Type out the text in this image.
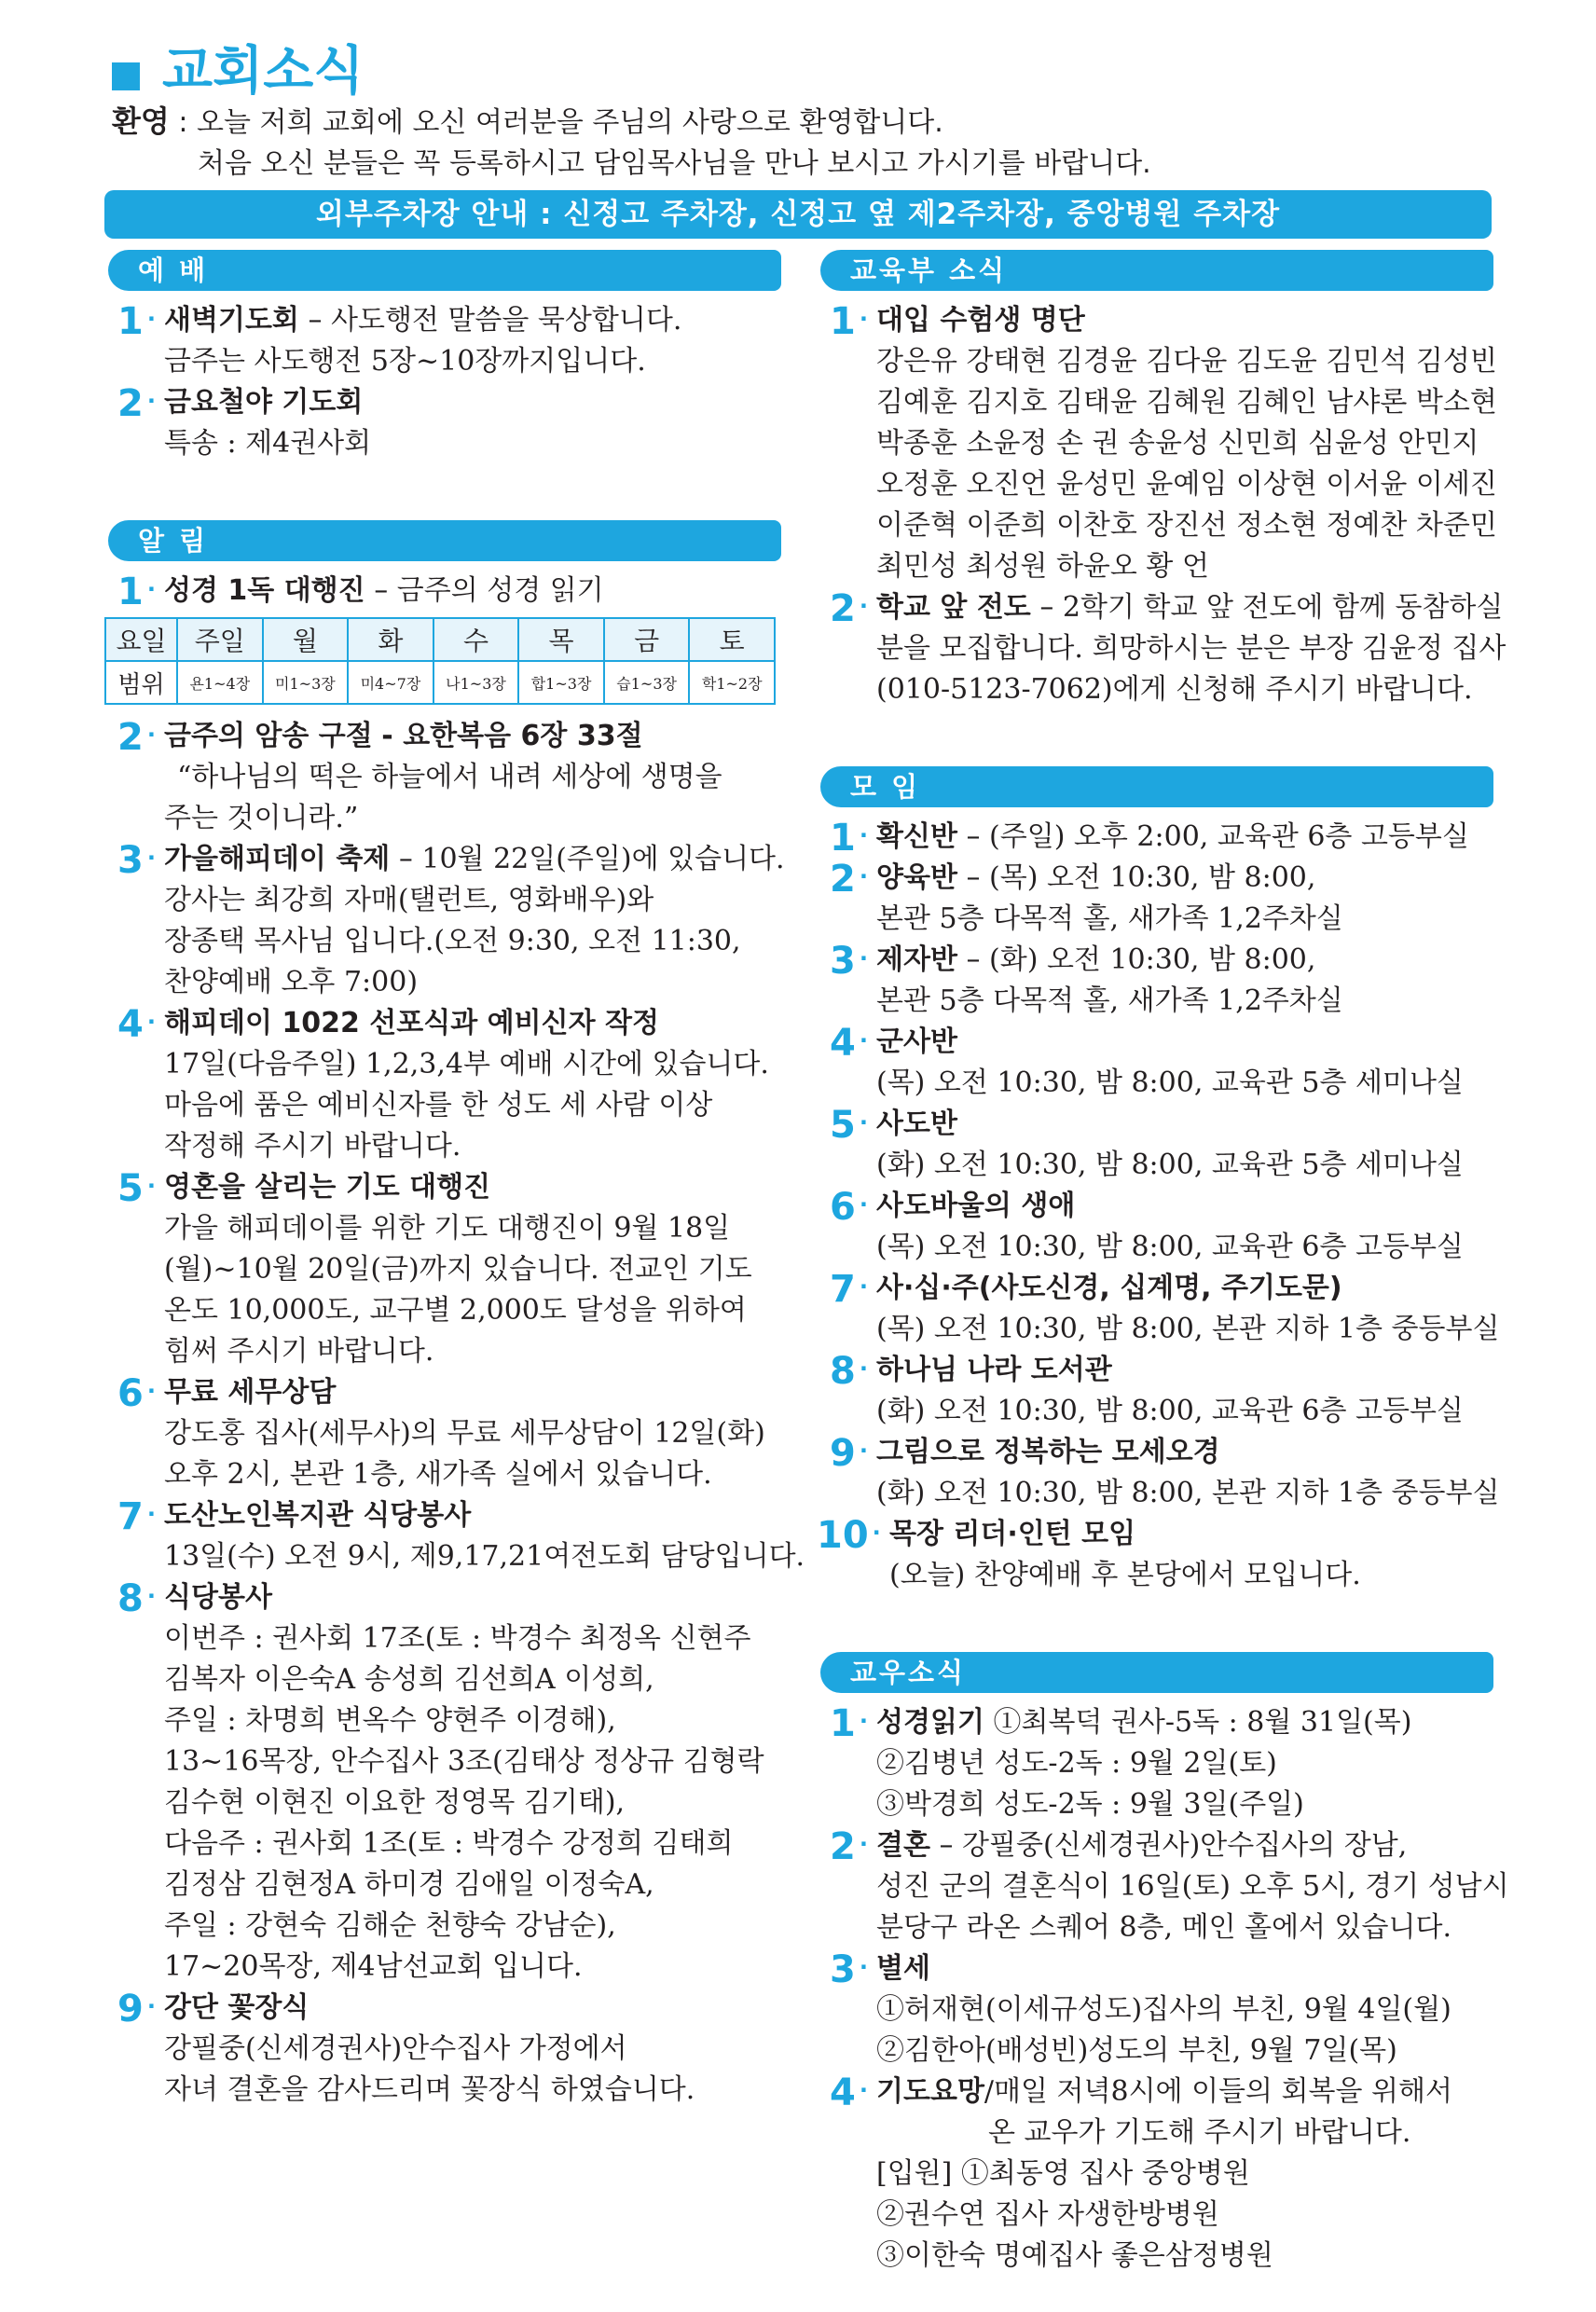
교회소식
환영 : 오늘 저희 교회에 오신 여러분을 주님의 사랑으로 환영합니다.
처음 오신 분들은 꼭 등록하시고 담임목사님을 만나 보시고 가시기를 바랍니다.
외부주차장 안내 : 신정고 주차장, 신정고 옆 제2주차장, 중앙병원 주차장
예 배
1 · 새벽기도회 – 사도행전 말씀을 묵상합니다.
금주는 사도행전 5장~10장까지입니다.
2 · 금요철야 기도회
특송 : 제4권사회
알 림
1 · 성경 1독 대행진 – 금주의 성경 읽기
요일	주일	월	화	수	목	금	토
범위	욘1~4장	미1~3장	미4~7장	나1~3장	합1~3장	습1~3장	학1~2장
2 · 금주의 암송 구절 - 요한복음 6장 33절
“하나님의 떡은 하늘에서 내려 세상에 생명을
주는 것이니라.”
3 · 가을해피데이 축제 – 10월 22일(주일)에 있습니다.
강사는 최강희 자매(탤런트, 영화배우)와
장종택 목사님 입니다.(오전 9:30, 오전 11:30,
찬양예배 오후 7:00)
4 · 해피데이 1022 선포식과 예비신자 작정
17일(다음주일) 1,2,3,4부 예배 시간에 있습니다.
마음에 품은 예비신자를 한 성도 세 사람 이상
작정해 주시기 바랍니다.
5 · 영혼을 살리는 기도 대행진
가을 해피데이를 위한 기도 대행진이 9월 18일
(월)~10월 20일(금)까지 있습니다. 전교인 기도
온도 10,000도, 교구별 2,000도 달성을 위하여
힘써 주시기 바랍니다.
6 · 무료 세무상담
강도홍 집사(세무사)의 무료 세무상담이 12일(화)
오후 2시, 본관 1층, 새가족 실에서 있습니다.
7 · 도산노인복지관 식당봉사
13일(수) 오전 9시, 제9,17,21여전도회 담당입니다.
8 · 식당봉사
이번주 : 권사회 17조(토 : 박경수 최정옥 신현주
김복자 이은숙A 송성희 김선희A 이성희,
주일 : 차명희 변옥수 양현주 이경해),
13~16목장, 안수집사 3조(김태상 정상규 김형락
김수현 이현진 이요한 정영목 김기태),
다음주 : 권사회 1조(토 : 박경수 강정희 김태희
김정삼 김현정A 하미경 김애일 이정숙A,
주일 : 강현숙 김해순 천향숙 강남순),
17~20목장, 제4남선교회 입니다.
9 · 강단 꽃장식
강필중(신세경권사)안수집사 가정에서
자녀 결혼을 감사드리며 꽃장식 하였습니다.
교육부 소식
1 · 대입 수험생 명단
강은유 강태현 김경윤 김다윤 김도윤 김민석 김성빈
김예훈 김지호 김태윤 김혜원 김혜인 남샤론 박소현
박종훈 소윤정 손 권 송윤성 신민희 심윤성 안민지
오정훈 오진언 윤성민 윤예임 이상현 이서윤 이세진
이준혁 이준희 이찬호 장진선 정소현 정예찬 차준민
최민성 최성원 하윤오 황 언
2 · 학교 앞 전도 – 2학기 학교 앞 전도에 함께 동참하실
분을 모집합니다. 희망하시는 분은 부장 김윤정 집사
(010-5123-7062)에게 신청해 주시기 바랍니다.
모 임
1 · 확신반 – (주일) 오후 2:00, 교육관 6층 고등부실
2 · 양육반 – (목) 오전 10:30, 밤 8:00,
본관 5층 다목적 홀, 새가족 1,2주차실
3 · 제자반 – (화) 오전 10:30, 밤 8:00,
본관 5층 다목적 홀, 새가족 1,2주차실
4 · 군사반
(목) 오전 10:30, 밤 8:00, 교육관 5층 세미나실
5 · 사도반
(화) 오전 10:30, 밤 8:00, 교육관 5층 세미나실
6 · 사도바울의 생애
(목) 오전 10:30, 밤 8:00, 교육관 6층 고등부실
7 · 사·십·주(사도신경, 십계명, 주기도문)
(목) 오전 10:30, 밤 8:00, 본관 지하 1층 중등부실
8 · 하나님 나라 도서관
(화) 오전 10:30, 밤 8:00, 교육관 6층 고등부실
9 · 그림으로 정복하는 모세오경
(화) 오전 10:30, 밤 8:00, 본관 지하 1층 중등부실
10 · 목장 리더·인턴 모임
(오늘) 찬양예배 후 본당에서 모입니다.
교우소식
1 · 성경읽기 ①최복덕 권사-5독 : 8월 31일(목)
②김병년 성도-2독 : 9월 2일(토)
③박경희 성도-2독 : 9월 3일(주일)
2 · 결혼 – 강필중(신세경권사)안수집사의 장남,
성진 군의 결혼식이 16일(토) 오후 5시, 경기 성남시
분당구 라온 스퀘어 8층, 메인 홀에서 있습니다.
3 · 별세
①허재현(이세규성도)집사의 부친, 9월 4일(월)
②김한아(배성빈)성도의 부친, 9월 7일(목)
4 · 기도요망/매일 저녁8시에 이들의 회복을 위해서
　　　　온 교우가 기도해 주시기 바랍니다.
[입원] ①최동영 집사 중앙병원
②권수연 집사 자생한방병원
③이한숙 명예집사 좋은삼정병원
